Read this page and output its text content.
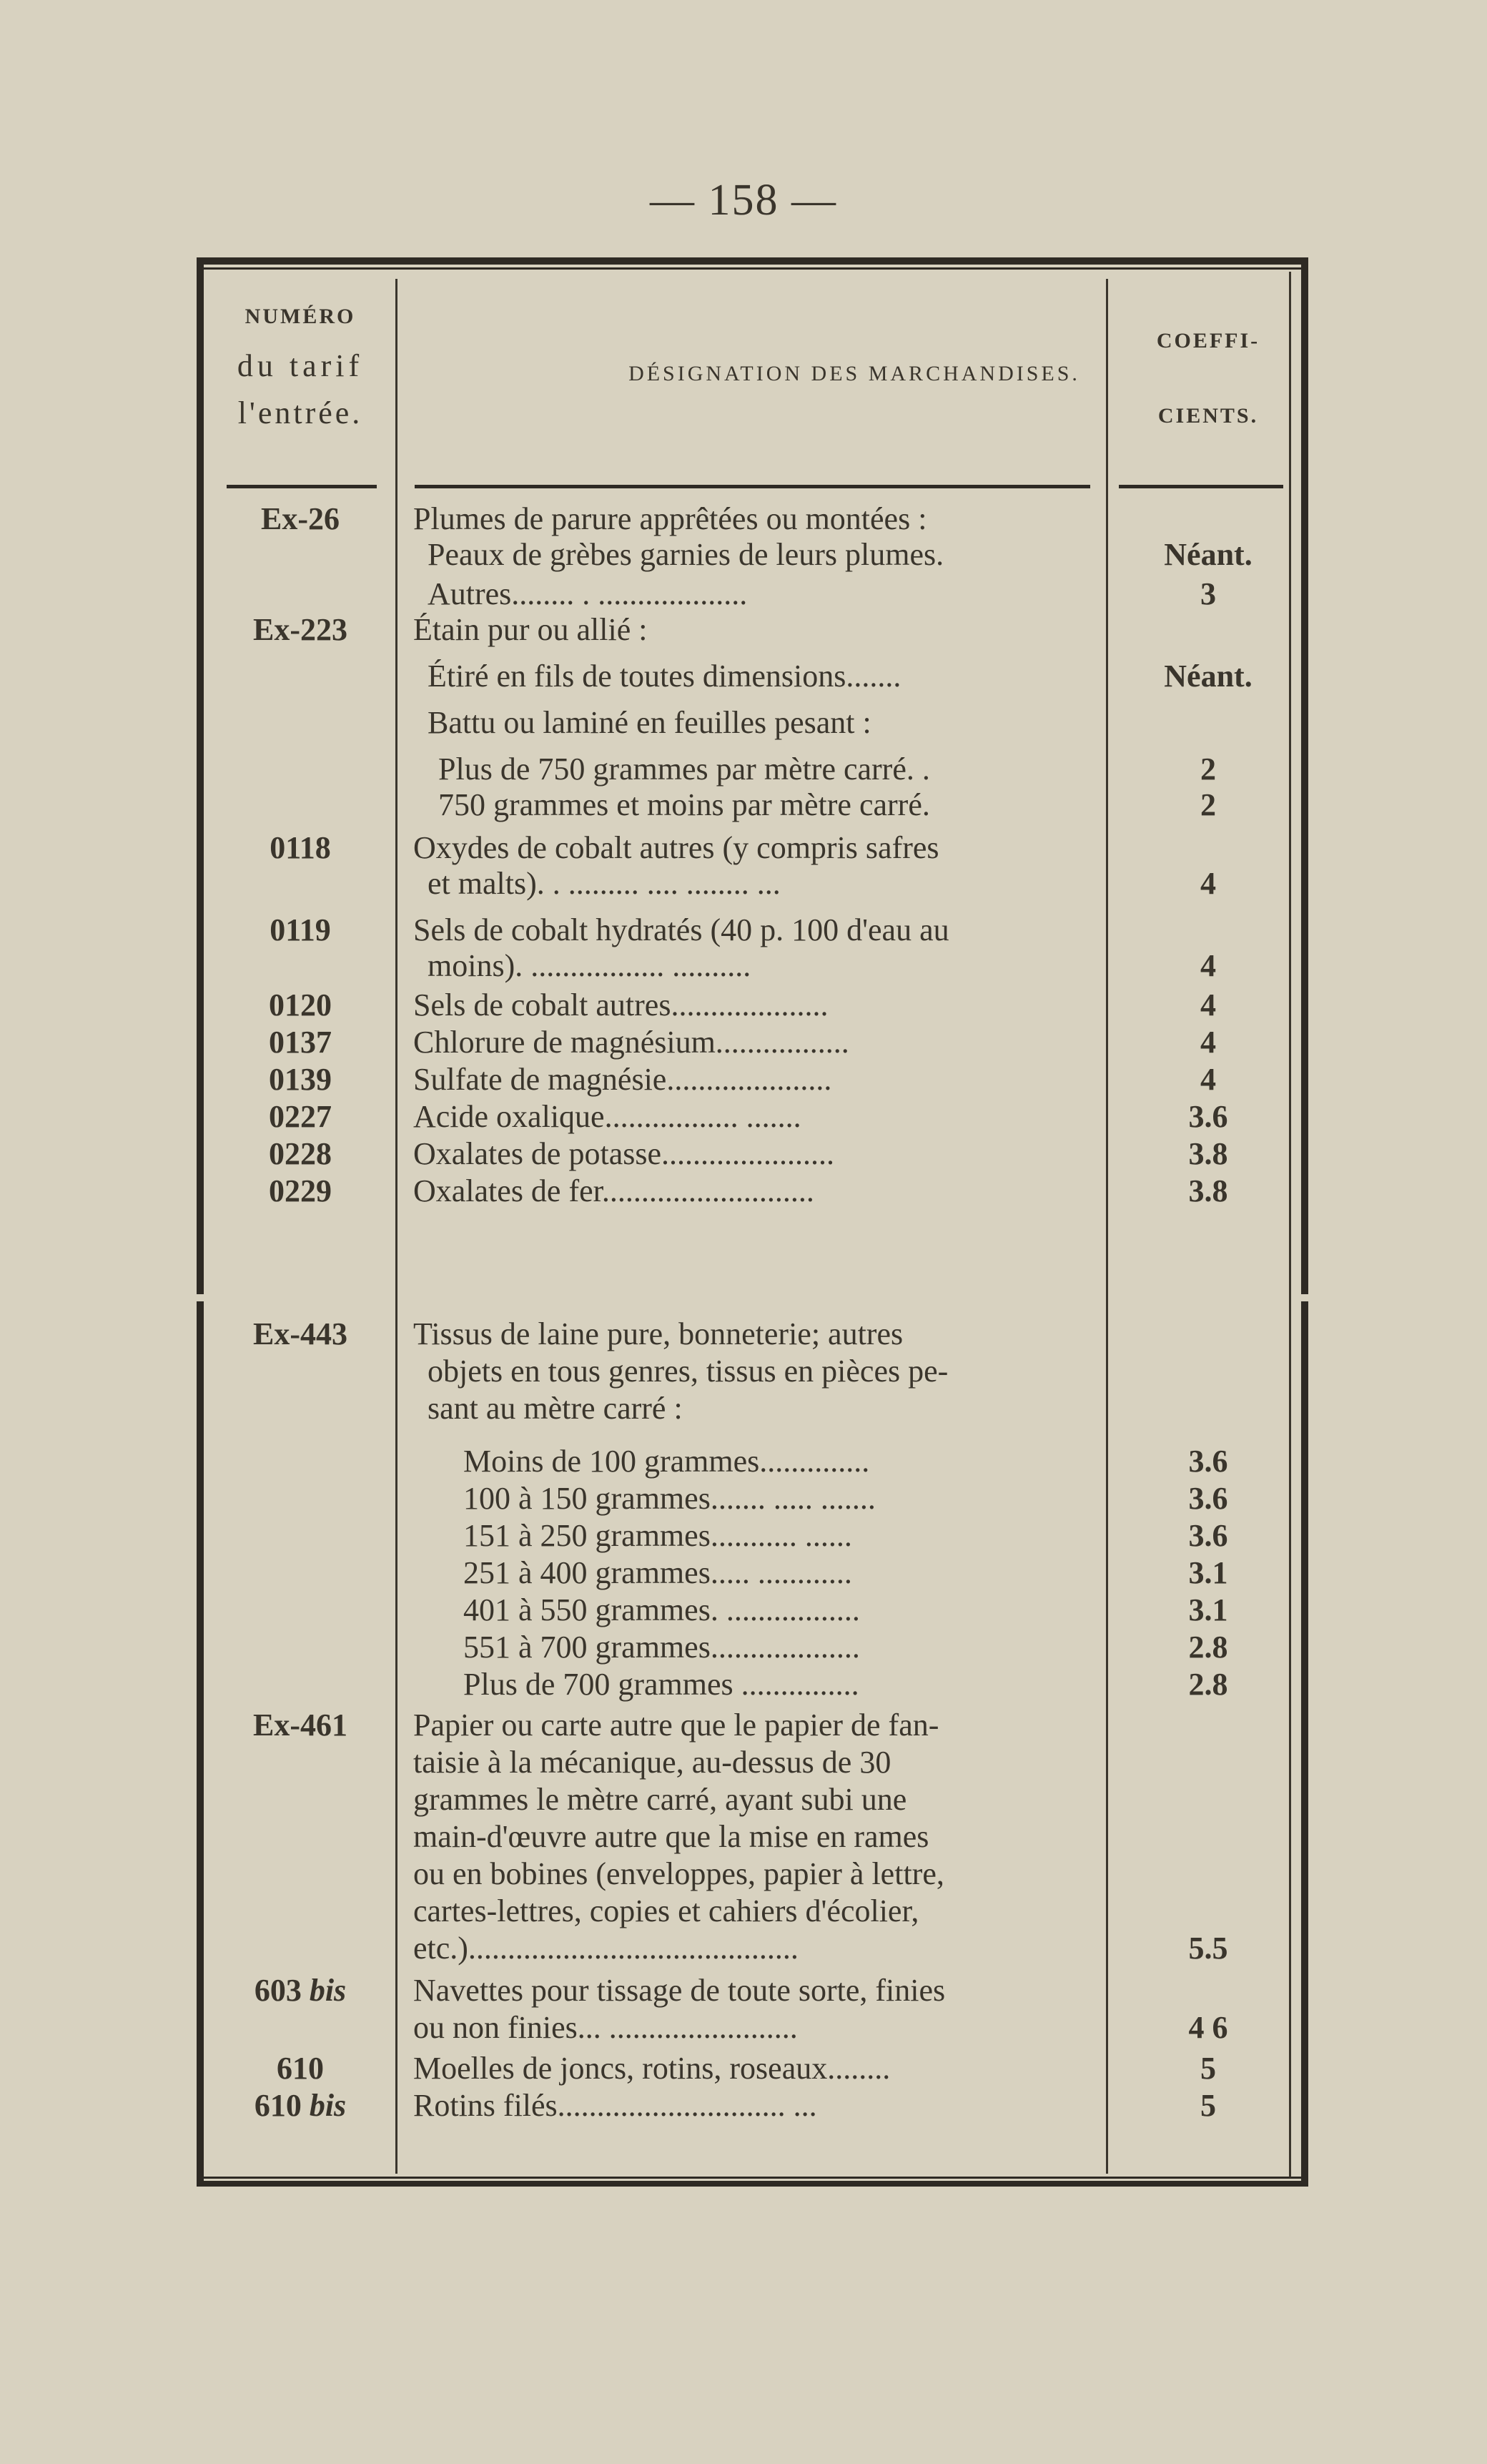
— 158 —
NUMÉRO
du tarif
l'entrée.
DÉSIGNATION DES MARCHANDISES.
COEFFI-
CIENTS.
Ex-26	Plumes de parure apprêtées ou montées :
Peaux de grèbes garnies de leurs plumes.	Néant.
Autres........ . ...................	3
Ex-223	Étain pur ou allié :
Étiré en fils de toutes dimensions.......	Néant.
Battu ou laminé en feuilles pesant :
Plus de 750 grammes par mètre carré. .	2
750 grammes et moins par mètre carré.	2
0118	Oxydes de cobalt autres (y compris safres
et malts). . ......... .... ........ ...	4
0119	Sels de cobalt hydratés (40 p. 100 d'eau au
moins). ................. ..........	4
0120	Sels de cobalt autres....................	4
0137	Chlorure de magnésium.................	4
0139	Sulfate de magnésie.....................	4
0227	Acide oxalique................. .......	3.6
0228	Oxalates de potasse......................	3.8
0229	Oxalates de fer...........................	3.8
Ex-443	Tissus de laine pure, bonneterie; autres
objets en tous genres, tissus en pièces pe-
sant au mètre carré :
Moins de 100 grammes..............	3.6
100 à 150 grammes....... ..... .......	3.6
151 à 250 grammes........... ......	3.6
251 à 400 grammes..... ............	3.1
401 à 550 grammes. .................	3.1
551 à 700 grammes...................	2.8
Plus de 700 grammes ...............	2.8
Ex-461	Papier ou carte autre que le papier de fan-
taisie à la mécanique, au-dessus de 30
grammes le mètre carré, ayant subi une
main-d'œuvre autre que la mise en rames
ou en bobines (enveloppes, papier à lettre,
cartes-lettres, copies et cahiers d'écolier,
etc.)..........................................	5.5
603 bis	Navettes pour tissage de toute sorte, finies
ou non finies... ........................	4 6
610	Moelles de joncs, rotins, roseaux........	5
610 bis	Rotins filés............................. ...	5
